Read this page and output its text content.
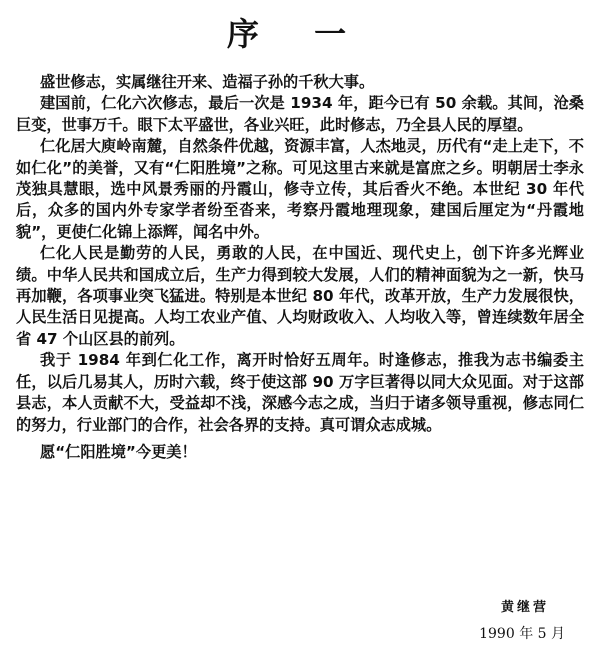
序 一

盛世修志，实属继往开来、造福子孙的千秋大事。

建国前，仁化六次修志，最后一次是 1934 年，距今已有 50 余载。其间，沧桑巨变，世事万千。眼下太平盛世，各业兴旺，此时修志，乃全县人民的厚望。

仁化居大庾岭南麓，自然条件优越，资源丰富，人杰地灵，历代有“走上走下，不如仁化”的美誉，又有“仁阳胜境”之称。可见这里古来就是富庶之乡。明朝居士李永茂独具慧眼，选中风景秀丽的丹霞山，修寺立传，其后香火不绝。本世纪 30 年代后，众多的国内外专家学者纷至沓来，考察丹霞地理现象，建国后厘定为“丹霞地貌”，更使仁化锦上添辉，闻名中外。

仁化人民是勤劳的人民，勇敢的人民，在中国近、现代史上，创下许多光辉业绩。中华人民共和国成立后，生产力得到较大发展，人们的精神面貌为之一新，快马再加鞭，各项事业突飞猛进。特别是本世纪 80 年代，改革开放，生产力发展很快，人民生活日见提高。人均工农业产值、人均财政收入、人均收入等，曾连续数年居全省 47 个山区县的前列。

我于 1984 年到仁化工作，离开时恰好五周年。时逢修志，推我为志书编委主任，以后几易其人，历时六载，终于使这部 90 万字巨著得以同大众见面。对于这部县志，本人贡献不大，受益却不浅，深感今志之成，当归于诸多领导重视，修志同仁的努力，行业部门的合作，社会各界的支持。真可谓众志成城。

愿“仁阳胜境”今更美！

黄继营
1990 年 5 月
